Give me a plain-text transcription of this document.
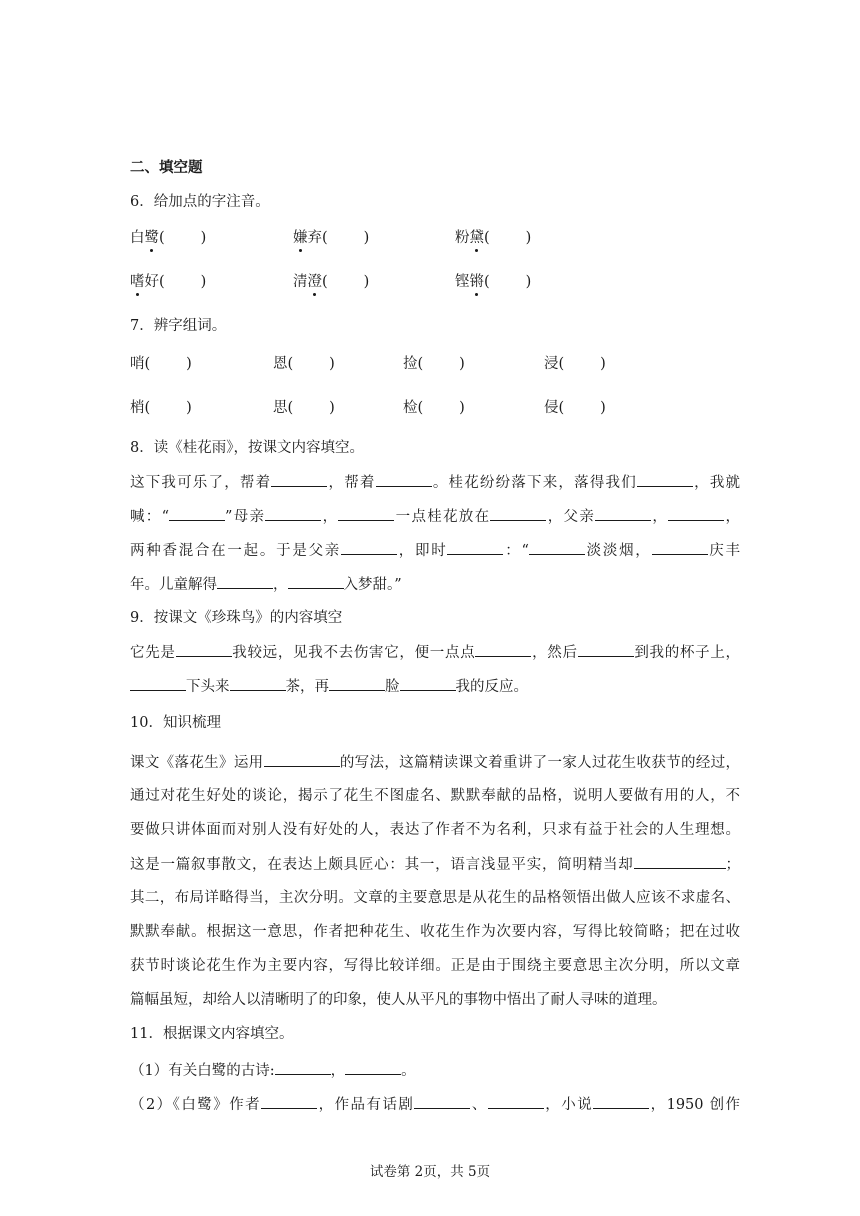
二、填空题
6．给加点的字注音。
白鹭( )	嫌弃( )	粉黛( )
嗜好( )	清澄( )	铿锵( )
7．辨字组词。
哨( )	恩( )	捡( )	浸( )
梢( )	思( )	检( )	侵( )
8．读《桂花雨》，按课文内容填空。
这下我可乐了，帮着	，帮着	。桂花纷纷落下来，落得我们	，我就
喊：“	”母亲	，	一点桂花放在	，父亲	，	，
两种香混合在一起。于是父亲	，即时	：“	淡淡烟，	庆丰
年。儿童解得	，	入梦甜。”
9．按课文《珍珠鸟》的内容填空
它先是	我较远，见我不去伤害它，便一点点	，然后	到我的杯子上，
下头来	茶，再	脸	我的反应。
10．知识梳理
课文《落花生》运用	的写法，这篇精读课文着重讲了一家人过花生收获节的经过，
通过对花生好处的谈论，揭示了花生不图虚名、默默奉献的品格，说明人要做有用的人，不
要做只讲体面而对别人没有好处的人，表达了作者不为名利，只求有益于社会的人生理想。
这是一篇叙事散文，在表达上颇具匠心：其一，语言浅显平实，简明精当却	；
其二，布局详略得当，主次分明。文章的主要意思是从花生的品格领悟出做人应该不求虚名、
默默奉献。根据这一意思，作者把种花生、收花生作为次要内容，写得比较简略；把在过收
获节时谈论花生作为主要内容，写得比较详细。正是由于围绕主要意思主次分明，所以文章
篇幅虽短，却给人以清晰明了的印象，使人从平凡的事物中悟出了耐人寻味的道理。
11．根据课文内容填空。
（1）有关白鹭的古诗:	，	。
（2）《白鹭》作者	，作品有话剧	、	，小说	，1950 创作
试卷第 2页，共 5页
